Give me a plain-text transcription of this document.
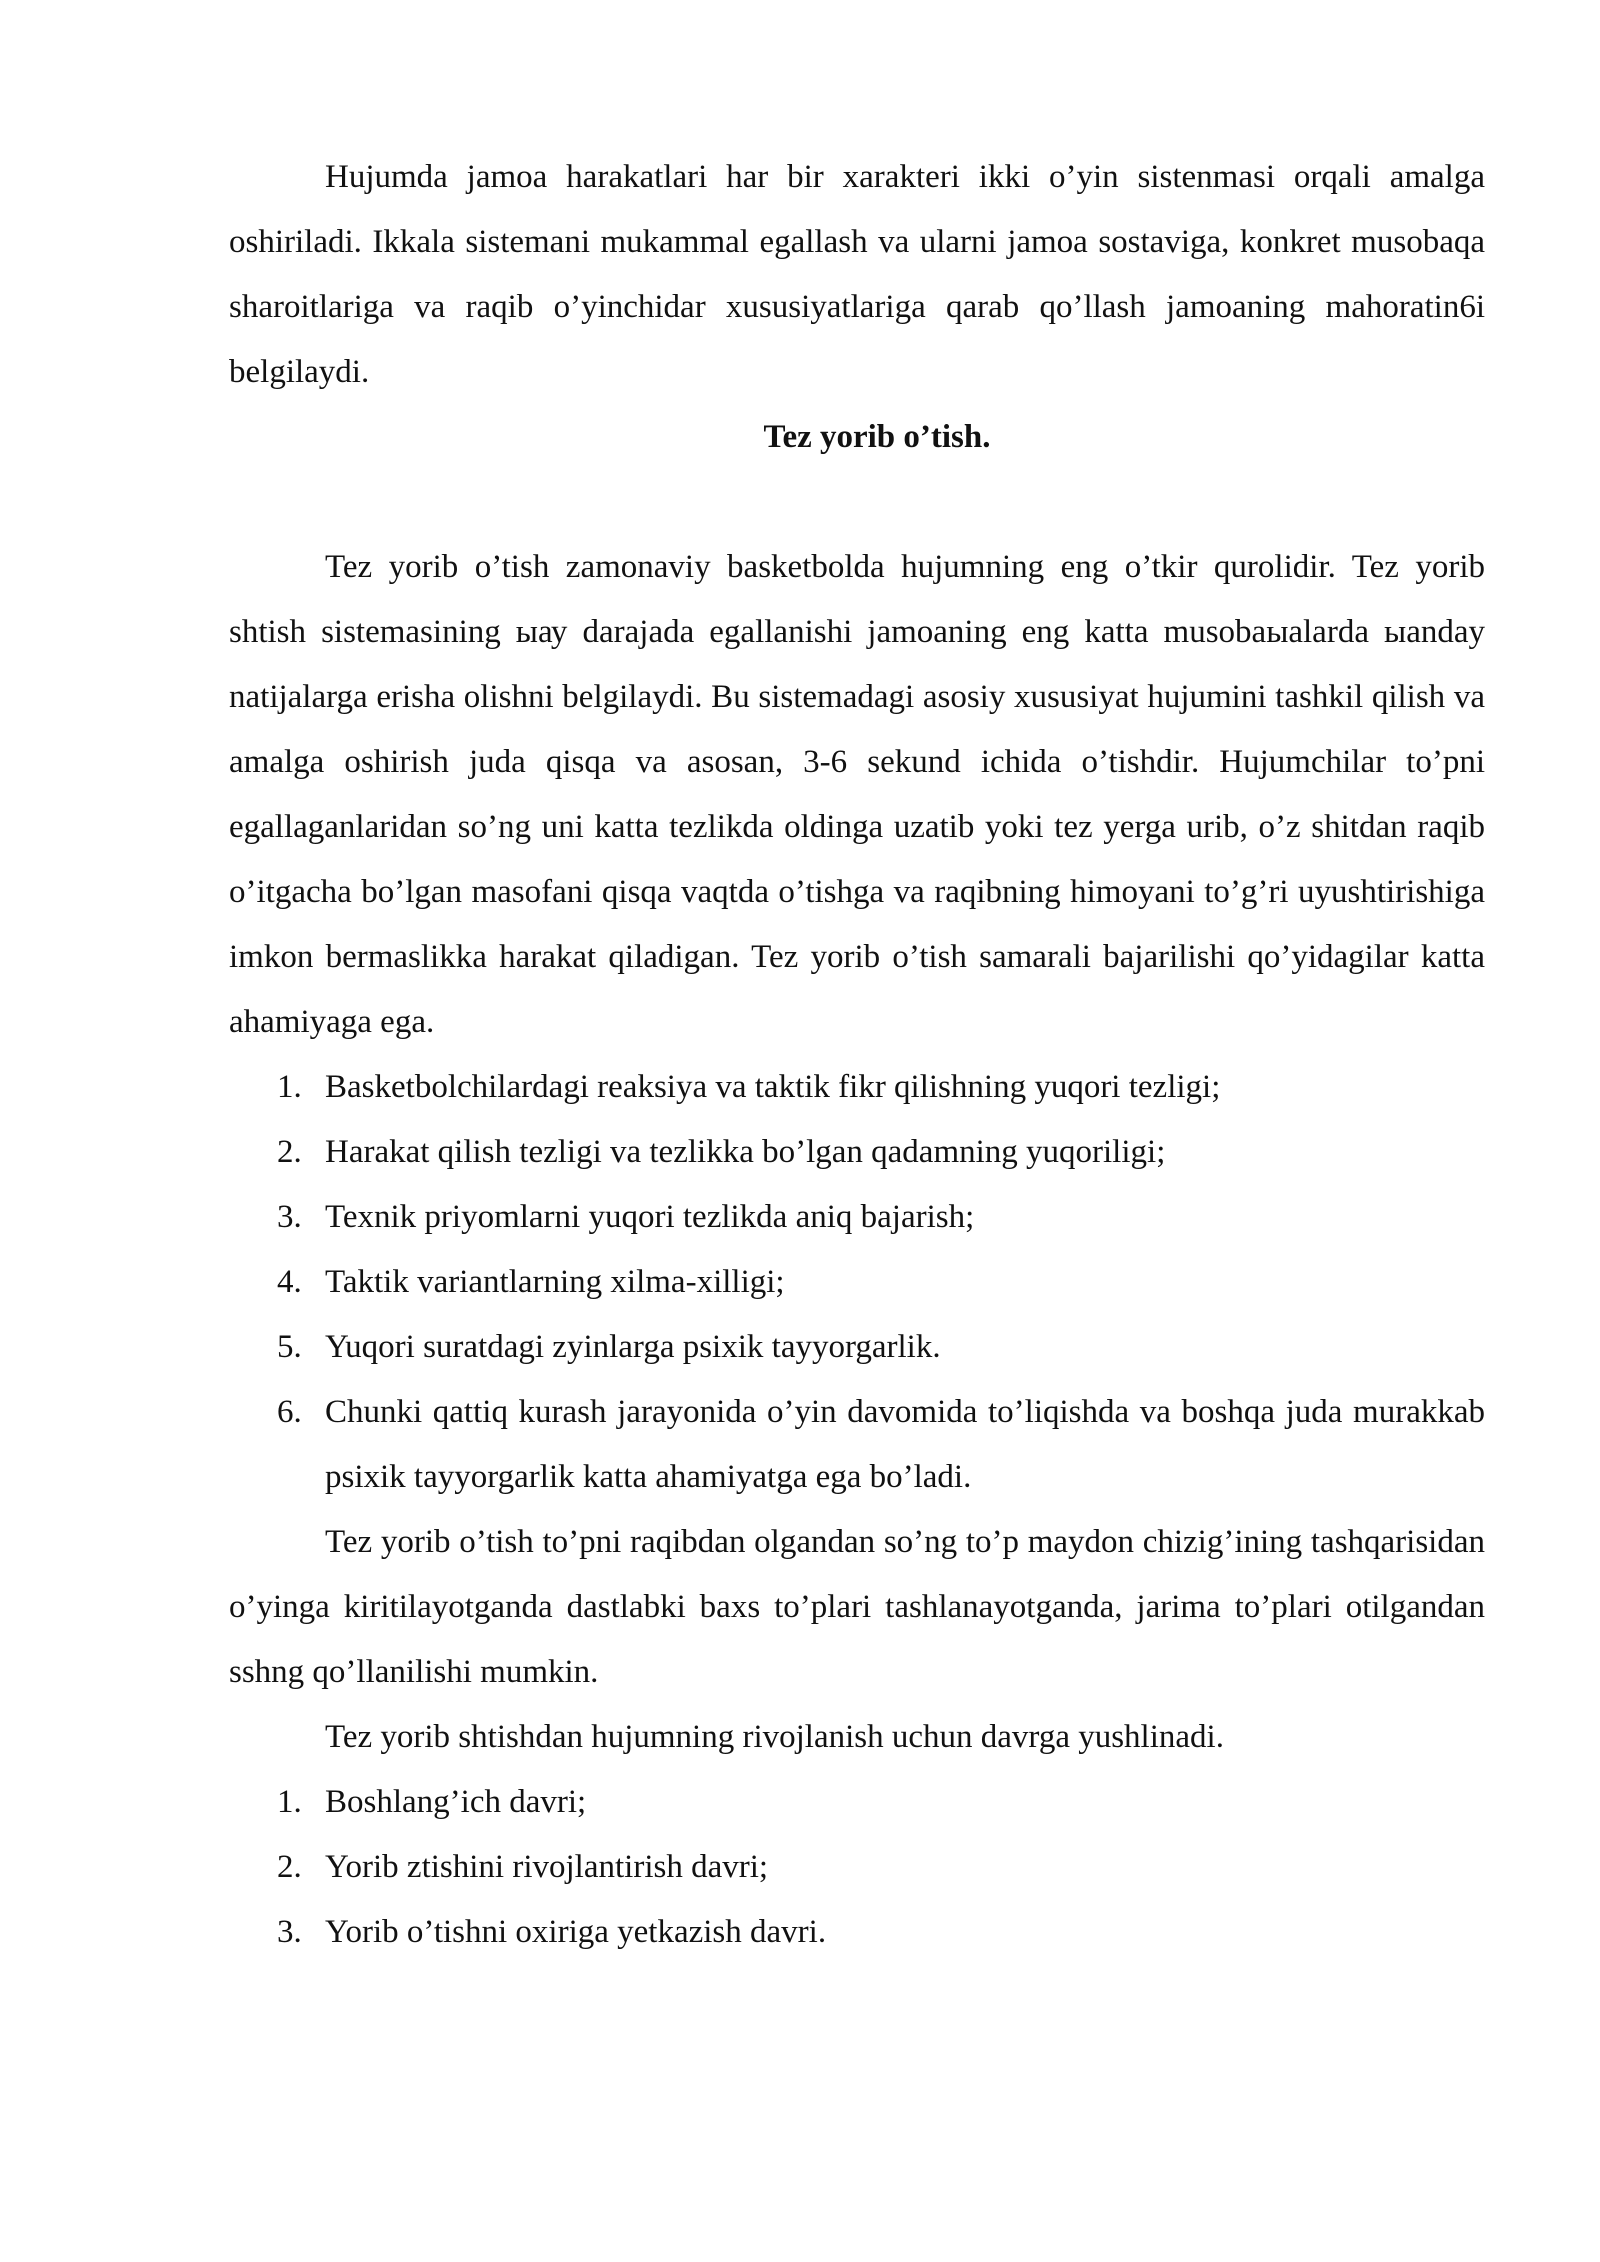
Hujumda jamoa harakatlari har bir xarakteri ikki o’yin sistenmasi orqali amalga oshiriladi. Ikkala sistemani mukammal egallash va ularni jamoa sostaviga, konkret musobaqa sharoitlariga va raqib o’yinchidar xususiyatlariga qarab qo’llash jamoaning mahoratin6i belgilaydi.

Tez yorib o’tish.

Tez yorib o’tish zamonaviy basketbolda hujumning eng o’tkir qurolidir. Tez yorib shtish sistemasining ыау darajada egallanishi jamoaning eng katta musobaыalarda ыanday natijalarga erisha olishni belgilaydi. Bu sistemadagi asosiy xususiyat hujumini tashkil qilish va amalga oshirish juda qisqa va asosan, 3-6 sekund ichida o’tishdir. Hujumchilar to’pni egallaganlaridan so’ng uni katta tezlikda oldinga uzatib yoki tez yerga urib, o’z shitdan raqib o’itgacha bo’lgan masofani qisqa vaqtda o’tishga va raqibning himoyani to’g’ri uyushtirishiga imkon bermaslikka harakat qiladigan. Tez yorib o’tish samarali bajarilishi qo’yidagilar katta ahamiyaga ega.

1. Basketbolchilardagi reaksiya va taktik fikr qilishning yuqori tezligi;
2. Harakat qilish tezligi va tezlikka bo’lgan qadamning yuqoriligi;
3. Texnik priyomlarni yuqori tezlikda aniq bajarish;
4. Taktik variantlarning xilma-xilligi;
5. Yuqori suratdagi zyinlarga psixik tayyorgarlik.
6. Chunki qattiq kurash jarayonida o’yin davomida to’liqishda va boshqa juda murakkab psixik tayyorgarlik katta ahamiyatga ega bo’ladi.

Tez yorib o’tish to’pni raqibdan olgandan so’ng to’p maydon chizig’ining tashqarisidan o’yinga kiritilayotganda dastlabki baxs to’plari tashlanayotganda, jarima to’plari otilgandan sshng qo’llanilishi mumkin.

Tez yorib shtishdan hujumning rivojlanish uchun davrga yushlinadi.

1. Boshlang’ich davri;
2. Yorib ztishini rivojlantirish davri;
3. Yorib o’tishni oxiriga yetkazish davri.
